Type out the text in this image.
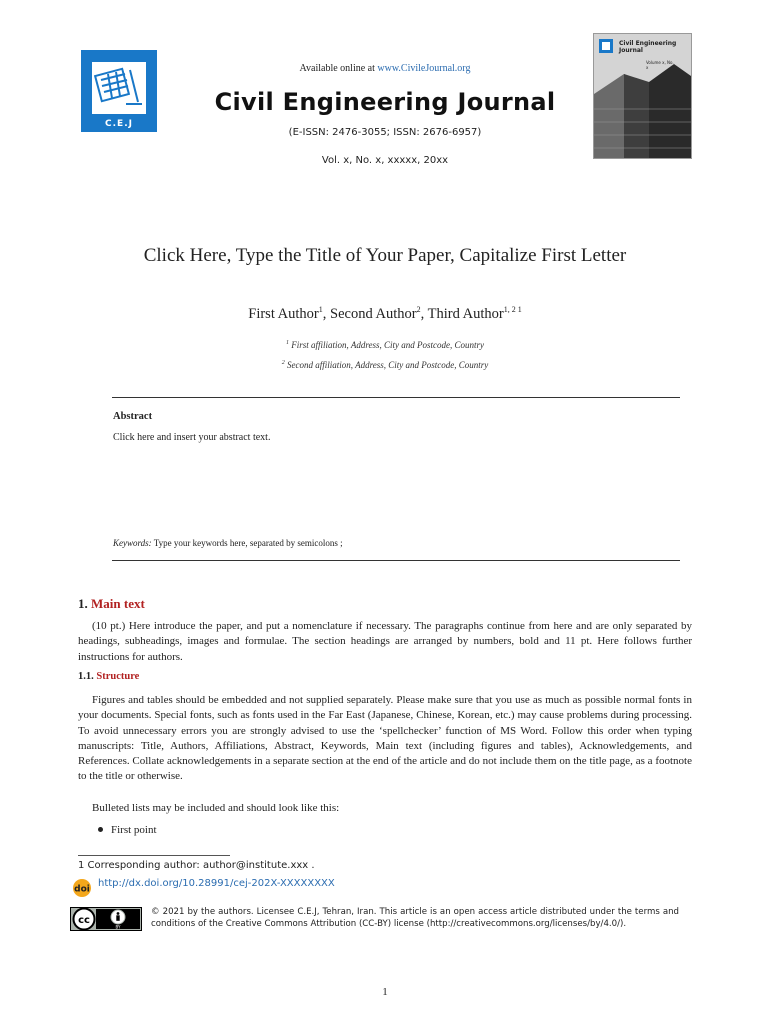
C.E.J
Available online at www.CivileJournal.org
Civil Engineering Journal
(E-ISSN: 2476-3055; ISSN: 2676-6957)
Vol. x, No. x, xxxxx, 20xx
Civil Engineering Journal
Volume x, No. x
Click Here, Type the Title of Your Paper, Capitalize First Letter
First Author$^1$, Second Author$^2$, Third Author$^{1, 2 1}$
$^1$ First affiliation, Address, City and Postcode, Country
$^2$ Second affiliation, Address, City and Postcode, Country
Abstract
Click here and insert your abstract text.
Keywords: Type your keywords here, separated by semicolons ;
1. Main text
(10 pt.) Here introduce the paper, and put a nomenclature if necessary. The paragraphs continue from here and are only separated by headings, subheadings, images and formulae. The section headings are arranged by numbers, bold and 11 pt. Here follows further instructions for authors.
1.1. Structure
Figures and tables should be embedded and not supplied separately. Please make sure that you use as much as possible normal fonts in your documents. Special fonts, such as fonts used in the Far East (Japanese, Chinese, Korean, etc.) may cause problems during processing. To avoid unnecessary errors you are strongly advised to use the ‘spellchecker’ function of MS Word. Follow this order when typing manuscripts: Title, Authors, Affiliations, Abstract, Keywords, Main text (including figures and tables), Acknowledgements, and References. Collate acknowledgements in a separate section at the end of the article and do not include them on the title page, as a footnote to the title or otherwise.
Bulleted lists may be included and should look like this:
First point
1 Corresponding author: author@institute.xxx .
doi
http://dx.doi.org/10.28991/cej-202X-XXXXXXXX
cc
BY
© 2021 by the authors. Licensee C.E.J, Tehran, Iran. This article is an open access article distributed under the terms and conditions of the Creative Commons Attribution (CC-BY) license (http://creativecommons.org/licenses/by/4.0/).
1
